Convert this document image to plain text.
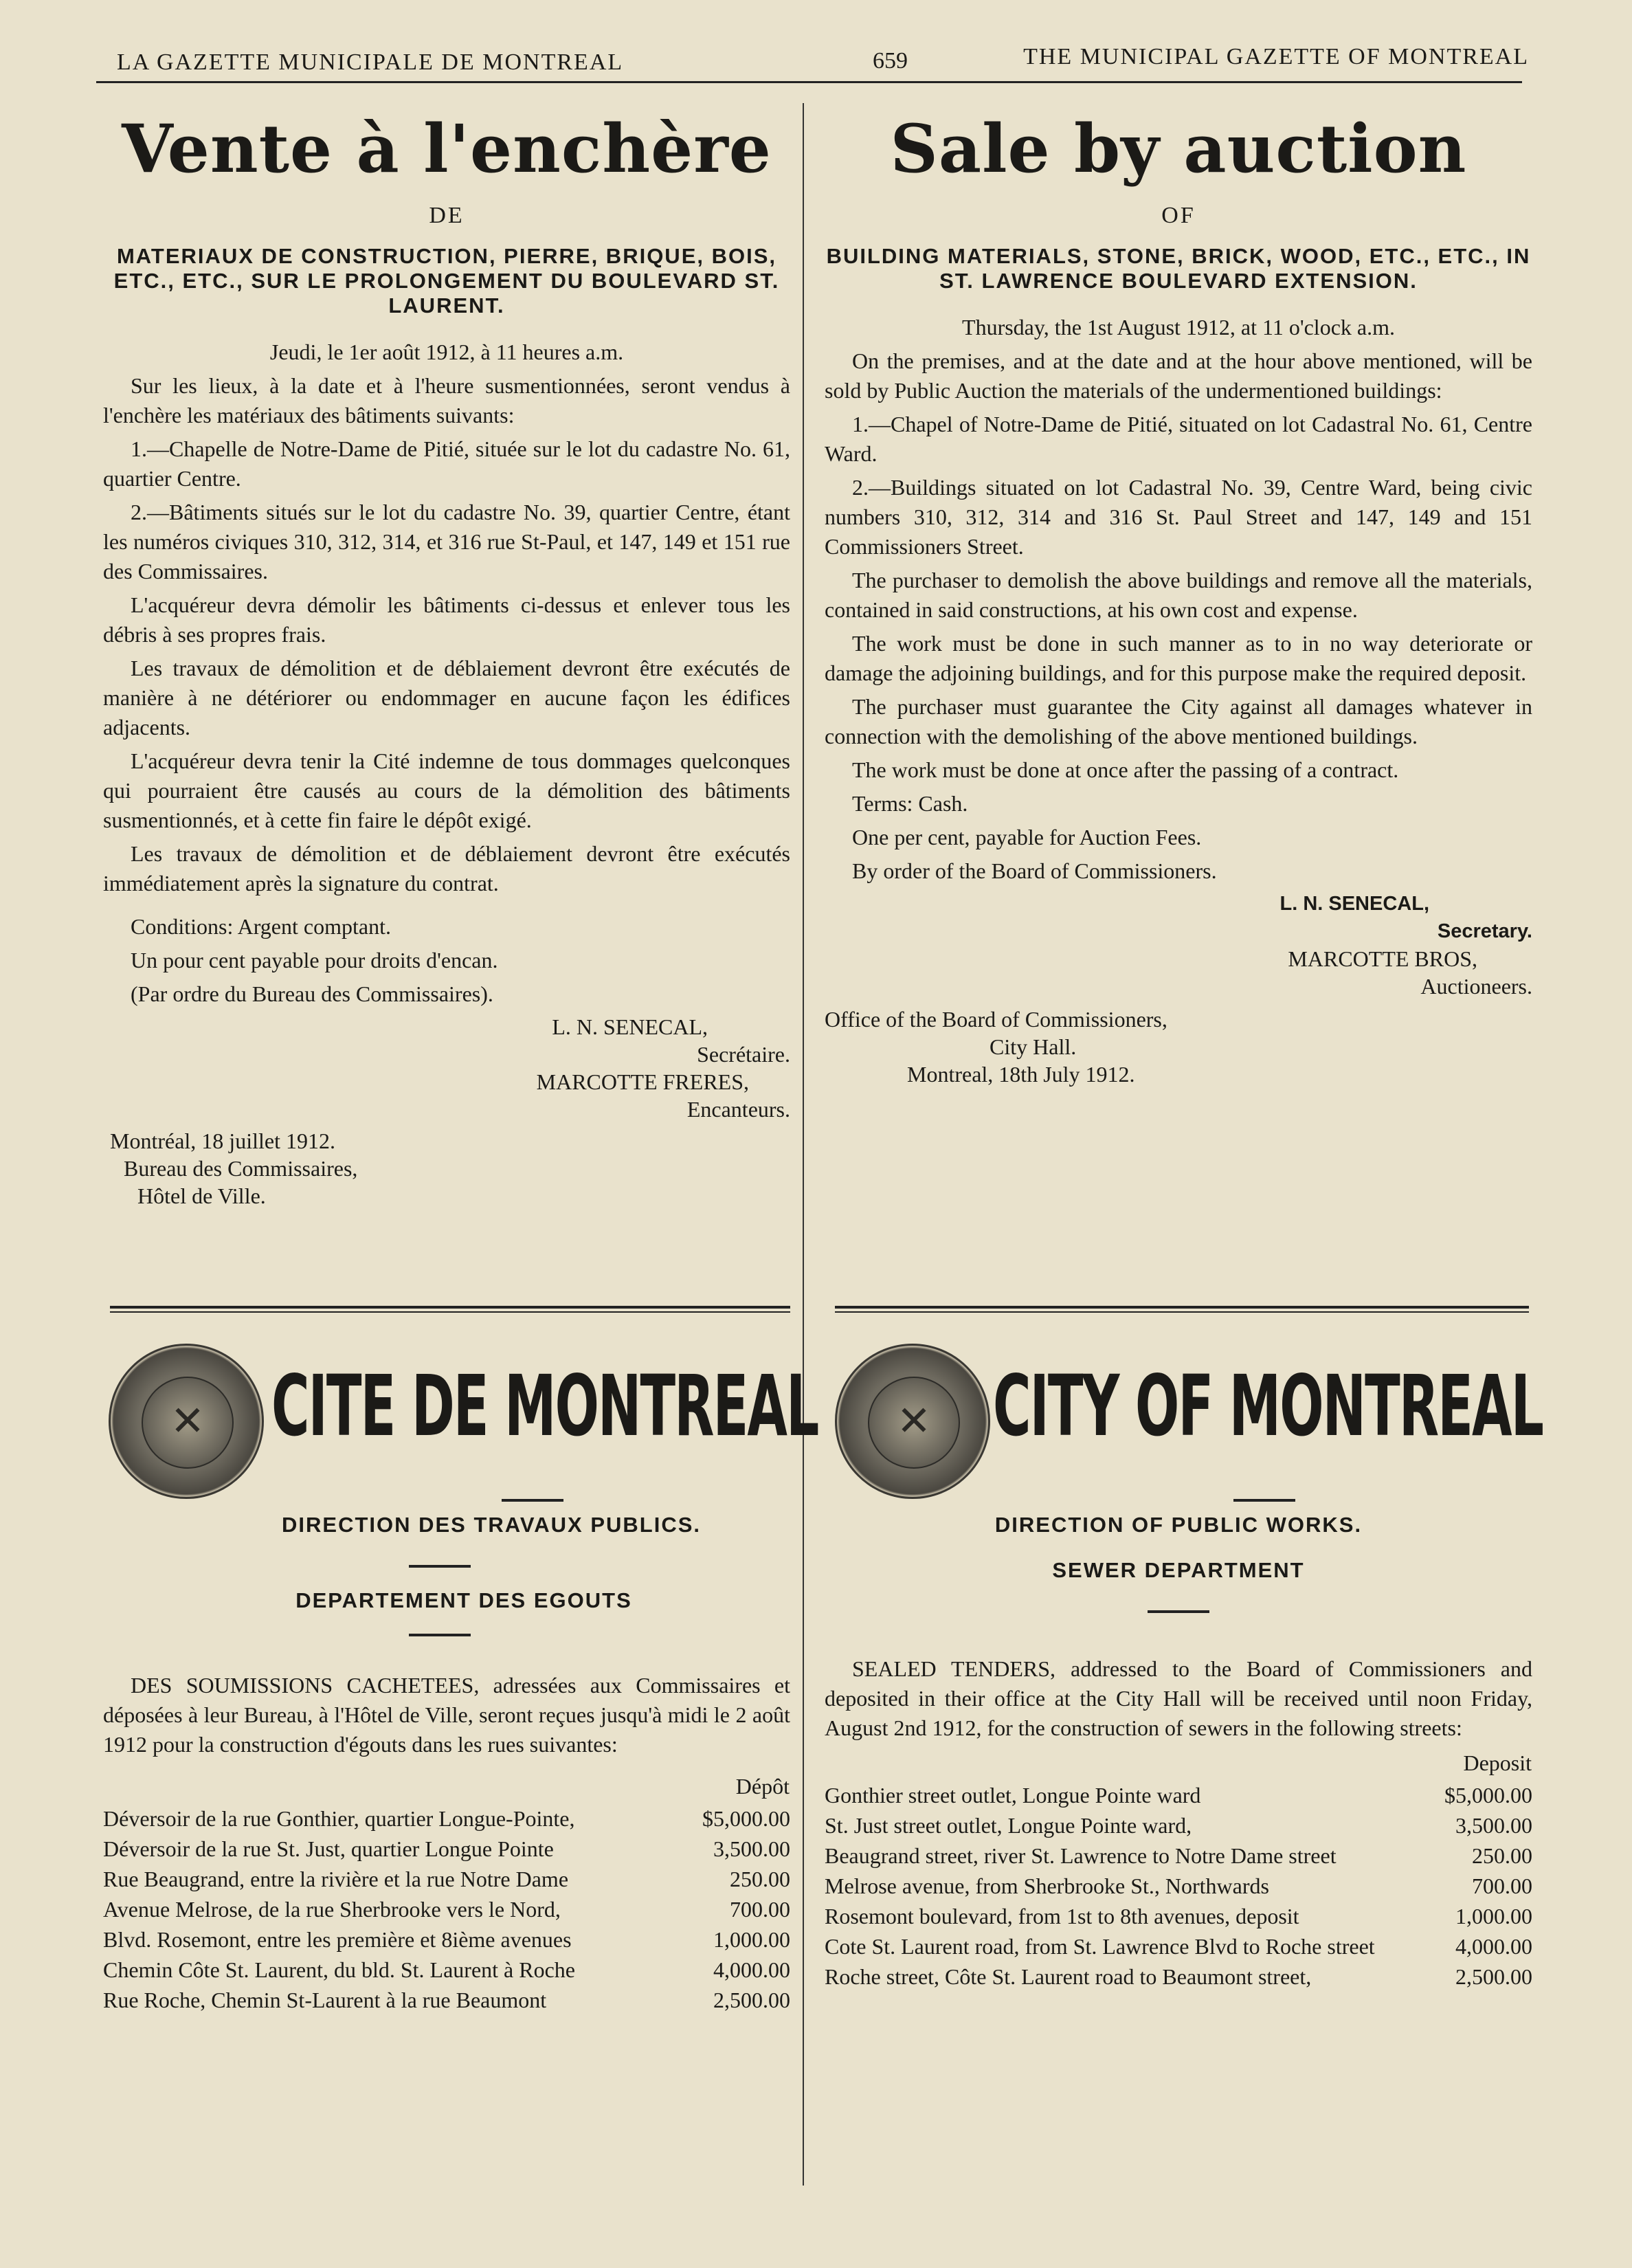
LA GAZETTE MUNICIPALE DE MONTREAL	659	THE MUNICIPAL GAZETTE OF MONTREAL
Vente à l'enchère
DE

MATERIAUX DE CONSTRUCTION, PIERRE, BRIQUE, BOIS, ETC., ETC., SUR LE PROLONGEMENT DU BOULEVARD ST. LAURENT.

Jeudi, le 1er août 1912, à 11 heures a.m.

Sur les lieux, à la date et à l'heure susmentionnées, seront vendus à l'enchère les matériaux des bâtiments suivants:

1.—Chapelle de Notre-Dame de Pitié, située sur le lot du cadastre No. 61, quartier Centre.

2.—Bâtiments situés sur le lot du cadastre No. 39, quartier Centre, étant les numéros civiques 310, 312, 314, et 316 rue St-Paul, et 147, 149 et 151 rue des Commissaires.

L'acquéreur devra démolir les bâtiments ci-dessus et enlever tous les débris à ses propres frais.

Les travaux de démolition et de déblaiement devront être exécutés de manière à ne détériorer ou endommager en aucune façon les édifices adjacents.

L'acquéreur devra tenir la Cité indemne de tous dommages quelconques qui pourraient être causés au cours de la démolition des bâtiments susmentionnés, et à cette fin faire le dépôt exigé.

Les travaux de démolition et de déblaiement devront être exécutés immédiatement après la signature du contrat.

Conditions: Argent comptant.

Un pour cent payable pour droits d'encan.

(Par ordre du Bureau des Commissaires).

L. N. SENECAL,

Secrétaire.

MARCOTTE FRERES,

Encanteurs.

Montréal, 18 juillet 1912.

Bureau des Commissaires,

Hôtel de Ville.

Sale by auction
OF

BUILDING MATERIALS, STONE, BRICK, WOOD, ETC., ETC., IN ST. LAWRENCE BOULEVARD EXTENSION.

Thursday, the 1st August 1912, at 11 o'clock a.m.

On the premises, and at the date and at the hour above mentioned, will be sold by Public Auction the materials of the undermentioned buildings:

1.—Chapel of Notre-Dame de Pitié, situated on lot Cadastral No. 61, Centre Ward.

2.—Buildings situated on lot Cadastral No. 39, Centre Ward, being civic numbers 310, 312, 314 and 316 St. Paul Street and 147, 149 and 151 Commissioners Street.

The purchaser to demolish the above buildings and remove all the materials, contained in said constructions, at his own cost and expense.

The work must be done in such manner as to in no way deteriorate or damage the adjoining buildings, and for this purpose make the required deposit.

The purchaser must guarantee the City against all damages whatever in connection with the demolishing of the above mentioned buildings.

The work must be done at once after the passing of a contract.

Terms: Cash.

One per cent, payable for Auction Fees.

By order of the Board of Commissioners.

L. N. SENECAL,

Secretary.

MARCOTTE BROS,

Auctioneers.

Office of the Board of Commissioners,

City Hall.

Montreal, 18th July 1912.

✕ CITE DE MONTREAL
DIRECTION DES TRAVAUX PUBLICS.
DEPARTEMENT DES EGOUTS

DES SOUMISSIONS CACHETEES, adressées aux Commissaires et déposées à leur Bureau, à l'Hôtel de Ville, seront reçues jusqu'à midi le 2 août 1912 pour la construction d'égouts dans les rues suivantes:

	Dépôt
Déversoir de la rue Gonthier, quartier Longue-Pointe,	$5,000.00
Déversoir de la rue St. Just, quartier Longue Pointe	3,500.00
Rue Beaugrand, entre la rivière et la rue Notre Dame	250.00
Avenue Melrose, de la rue Sherbrooke vers le Nord,	700.00
Blvd. Rosemont, entre les première et 8ième avenues	1,000.00
Chemin Côte St. Laurent, du bld. St. Laurent à Roche	4,000.00
Rue Roche, Chemin St-Laurent à la rue Beaumont	2,500.00
✕ CITY OF MONTREAL
DIRECTION OF PUBLIC WORKS.
SEWER DEPARTMENT

SEALED TENDERS, addressed to the Board of Commissioners and deposited in their office at the City Hall will be received until noon Friday, August 2nd 1912, for the construction of sewers in the following streets:

	Deposit
Gonthier street outlet, Longue Pointe ward	$5,000.00
St. Just street outlet, Longue Pointe ward,	3,500.00
Beaugrand street, river St. Lawrence to Notre Dame street	250.00
Melrose avenue, from Sherbrooke St., Northwards	700.00
Rosemont boulevard, from 1st to 8th avenues, deposit	1,000.00
Cote St. Laurent road, from St. Lawrence Blvd to Roche street	4,000.00
Roche street, Côte St. Laurent road to Beaumont street,	2,500.00
